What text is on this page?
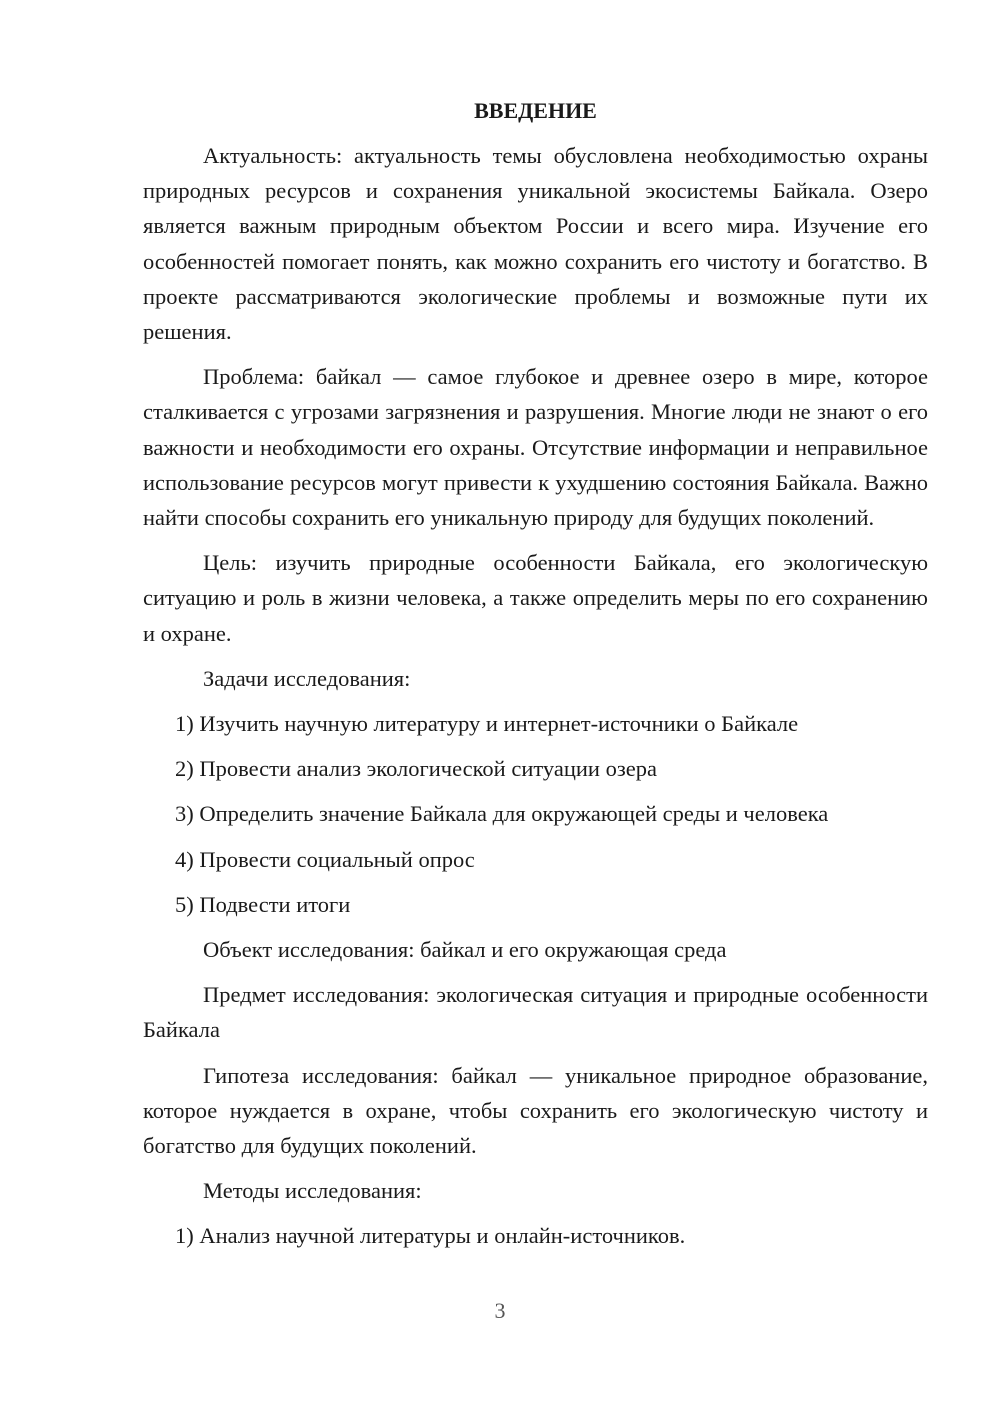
ВВЕДЕНИЕ

Актуальность: актуальность темы обусловлена необходимостью охраны природных ресурсов и сохранения уникальной экосистемы Байкала. Озеро является важным природным объектом России и всего мира. Изучение его особенностей помогает понять, как можно сохранить его чистоту и богатство. В проекте рассматриваются экологические проблемы и возможные пути их решения.

Проблема: байкал — самое глубокое и древнее озеро в мире, которое сталкивается с угрозами загрязнения и разрушения. Многие люди не знают о его важности и необходимости его охраны. Отсутствие информации и неправильное использование ресурсов могут привести к ухудшению состояния Байкала. Важно найти способы сохранить его уникальную природу для будущих поколений.

Цель: изучить природные особенности Байкала, его экологическую ситуацию и роль в жизни человека, а также определить меры по его сохранению и охране.

Задачи исследования:
1) Изучить научную литературу и интернет-источники о Байкале
2) Провести анализ экологической ситуации озера
3) Определить значение Байкала для окружающей среды и человека
4) Провести социальный опрос
5) Подвести итоги
Объект исследования: байкал и его окружающая среда

Предмет исследования: экологическая ситуация и природные особенности Байкала

Гипотеза исследования: байкал — уникальное природное образование, которое нуждается в охране, чтобы сохранить его экологическую чистоту и богатство для будущих поколений.

Методы исследования:
1) Анализ научной литературы и онлайн-источников.
3
